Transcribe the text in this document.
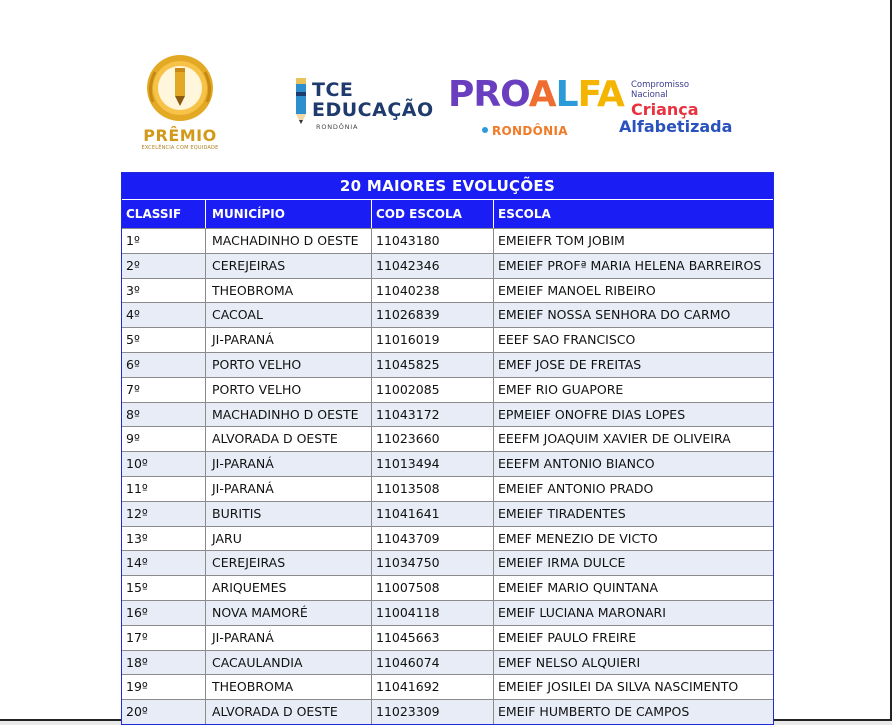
PRÊMIO
EXCELÊNCIA COM EQUIDADE
TCE
EDUCAÇÃO
RONDÔNIA
PROALFA
RONDÔNIA
Compromisso
Nacional
Criança
Alfabetizada
20 MAIORES EVOLUÇÕES
CLASSIF	MUNICÍPIO	COD ESCOLA	ESCOLA
1º	MACHADINHO D OESTE	11043180	EMEIEFR TOM JOBIM
2º	CEREJEIRAS	11042346	EMEIEF PROFª MARIA HELENA BARREIROS
3º	THEOBROMA	11040238	EMEIEF MANOEL RIBEIRO
4º	CACOAL	11026839	EMEIEF NOSSA SENHORA DO CARMO
5º	JI-PARANÁ	11016019	EEEF SAO FRANCISCO
6º	PORTO VELHO	11045825	EMEF JOSE DE FREITAS
7º	PORTO VELHO	11002085	EMEF RIO GUAPORE
8º	MACHADINHO D OESTE	11043172	EPMEIEF ONOFRE DIAS LOPES
9º	ALVORADA D OESTE	11023660	EEEFM JOAQUIM XAVIER DE OLIVEIRA
10º	JI-PARANÁ	11013494	EEEFM ANTONIO BIANCO
11º	JI-PARANÁ	11013508	EMEIEF ANTONIO PRADO
12º	BURITIS	11041641	EMEIEF TIRADENTES
13º	JARU	11043709	EMEF MENEZIO DE VICTO
14º	CEREJEIRAS	11034750	EMEIEF IRMA DULCE
15º	ARIQUEMES	11007508	EMEIEF MARIO QUINTANA
16º	NOVA MAMORÉ	11004118	EMEIF LUCIANA MARONARI
17º	JI-PARANÁ	11045663	EMEIEF PAULO FREIRE
18º	CACAULANDIA	11046074	EMEF NELSO ALQUIERI
19º	THEOBROMA	11041692	EMEIEF JOSILEI DA SILVA NASCIMENTO
20º	ALVORADA D OESTE	11023309	EMEIF HUMBERTO DE CAMPOS
